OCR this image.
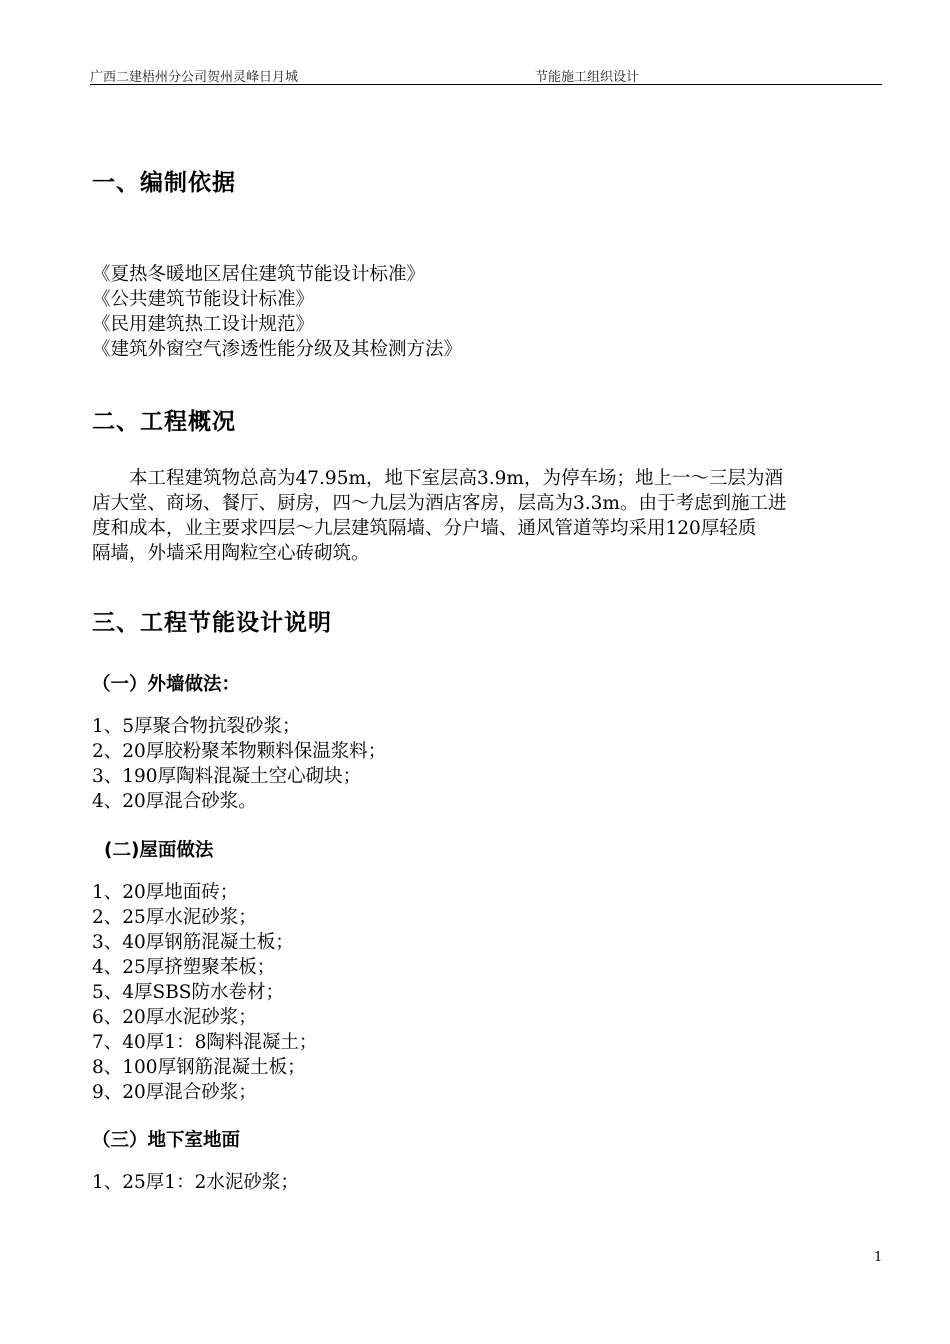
广西二建梧州分公司贺州灵峰日月城	节能施工组织设计
一、编制依据
《夏热冬暖地区居住建筑节能设计标准》
《公共建筑节能设计标准》
《民用建筑热工设计规范》
《建筑外窗空气渗透性能分级及其检测方法》
二、工程概况
　　本工程建筑物总高为47.95m，地下室层高3.9m，为停车场；地上一～三层为酒
店大堂、商场、餐厅、厨房，四～九层为酒店客房，层高为3.3m。由于考虑到施工进
度和成本，业主要求四层～九层建筑隔墙、分户墙、通风管道等均采用120厚轻质
隔墙，外墙采用陶粒空心砖砌筑。
三、工程节能设计说明
（一）外墙做法：
1、5厚聚合物抗裂砂浆；
2、20厚胶粉聚苯物颗料保温浆料；
3、190厚陶料混凝土空心砌块；
4、20厚混合砂浆。
(二)屋面做法
1、20厚地面砖；
2、25厚水泥砂浆；
3、40厚钢筋混凝土板；
4、25厚挤塑聚苯板；
5、4厚SBS防水卷材；
6、20厚水泥砂浆；
7、40厚1：8陶料混凝土；
8、100厚钢筋混凝土板；
9、20厚混合砂浆；
（三）地下室地面
1、25厚1：2水泥砂浆；
1
